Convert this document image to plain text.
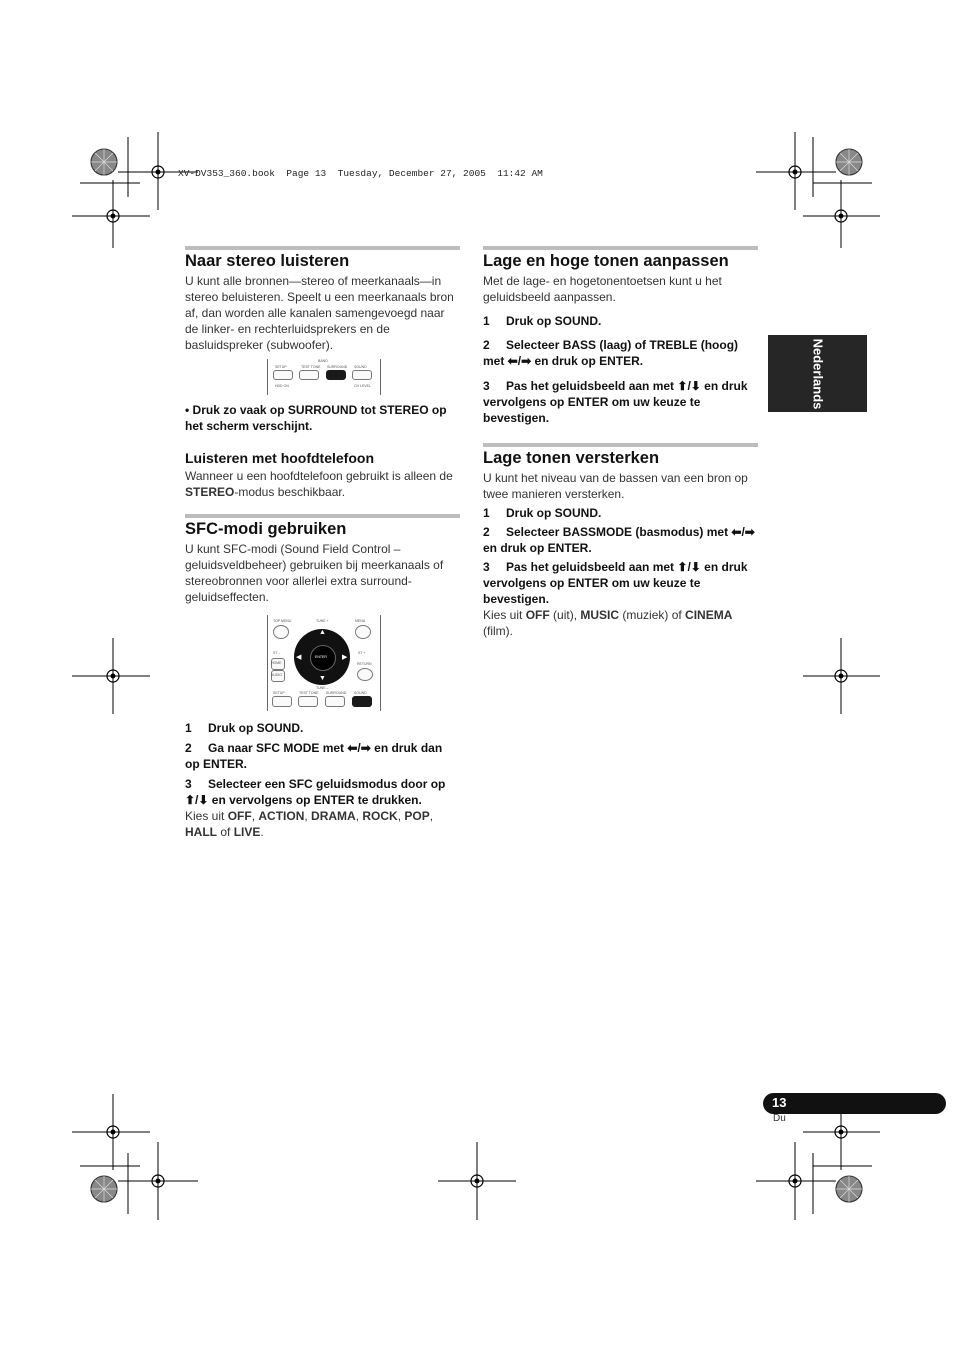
XV-DV353_360.book  Page 13  Tuesday, December 27, 2005  11:42 AM
Nederlands
Naar stereo luisteren

U kunt alle bronnen—stereo of meerkanaals—in stereo beluisteren. Speelt u een meerkanaals bron af, dan worden alle kanalen samengevoegd naar de linker- en rechterluidsprekers en de basluidspreker (subwoofer).

BAND
SETUP	TEST TONE SURROUND SOUND
HDD ON	CH LEVEL

• Druk zo vaak op SURROUND tot STEREO op het scherm verschijnt.

Luisteren met hoofdtelefoon

Wanneer u een hoofdtelefoon gebruikt is alleen de STEREO-modus beschikbaar.

SFC-modi gebruiken

U kunt SFC-modi (Sound Field Control – geluidsveldbeheer) gebruiken bij meerkanaals of stereobronnen voor allerlei extra surround-geluidseffecten.

TOP MENU	TUNE +	MENU
▲
▼
◀	▶
ENTER
ST –	ST +
HOME
AUDIO
RETURN
TUNE –
SETUP	TEST TONE SURROUND SOUND

1 Druk op SOUND.

2 Ga naar SFC MODE met ⬅/➡ en druk dan op ENTER.

3 Selecteer een SFC geluidsmodus door op ⬆/⬇ en vervolgens op ENTER te drukken.

Kies uit OFF, ACTION, DRAMA, ROCK, POP, HALL of LIVE.

Lage en hoge tonen aanpassen

Met de lage- en hogetonentoetsen kunt u het geluidsbeeld aanpassen.

1 Druk op SOUND.

2 Selecteer BASS (laag) of TREBLE (hoog) met ⬅/➡ en druk op ENTER.

3 Pas het geluidsbeeld aan met ⬆/⬇ en druk vervolgens op ENTER om uw keuze te bevestigen.

Lage tonen versterken

U kunt het niveau van de bassen van een bron op twee manieren versterken.

1 Druk op SOUND.

2 Selecteer BASSMODE (basmodus) met ⬅/➡ en druk op ENTER.

3 Pas het geluidsbeeld aan met ⬆/⬇ en druk vervolgens op ENTER om uw keuze te bevestigen.

Kies uit OFF (uit), MUSIC (muziek) of CINEMA (film).

13
Du
